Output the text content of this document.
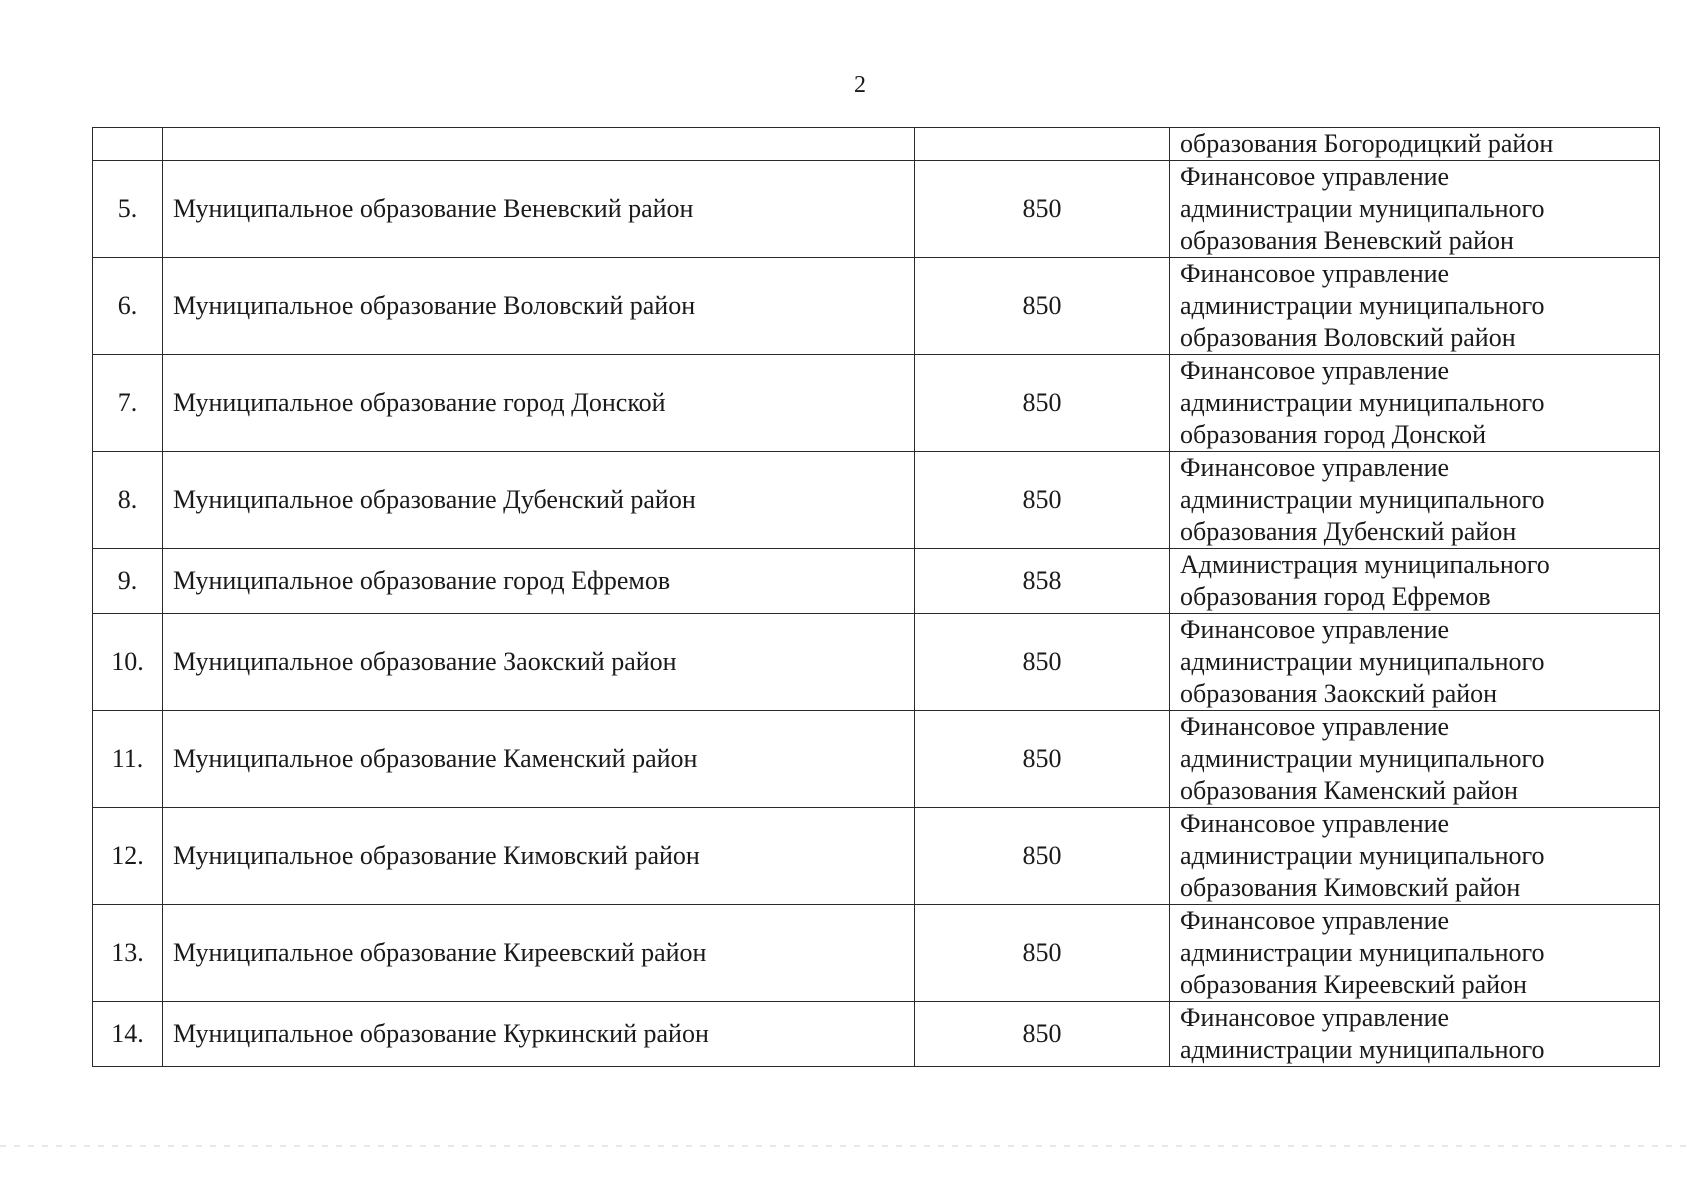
2
			образования Богородицкий район
5.	Муниципальное образование Веневский район	850	Финансовое управление
администрации муниципального
образования Веневский район
6.	Муниципальное образование Воловский район	850	Финансовое управление
администрации муниципального
образования Воловский район
7.	Муниципальное образование город Донской	850	Финансовое управление
администрации муниципального
образования город Донской
8.	Муниципальное образование Дубенский район	850	Финансовое управление
администрации муниципального
образования Дубенский район
9.	Муниципальное образование город Ефремов	858	Администрация муниципального
образования город Ефремов
10.	Муниципальное образование Заокский район	850	Финансовое управление
администрации муниципального
образования Заокский район
11.	Муниципальное образование Каменский район	850	Финансовое управление
администрации муниципального
образования Каменский район
12.	Муниципальное образование Кимовский район	850	Финансовое управление
администрации муниципального
образования Кимовский район
13.	Муниципальное образование Киреевский район	850	Финансовое управление
администрации муниципального
образования Киреевский район
14.	Муниципальное образование Куркинский район	850	Финансовое управление
администрации муниципального
